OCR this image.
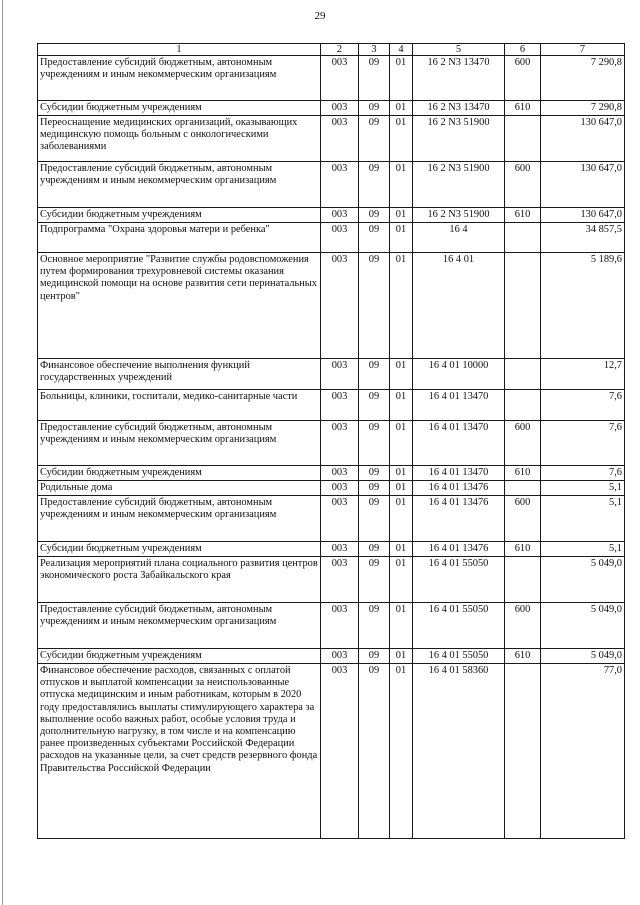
29
1	2	3	4	5	6	7
Предоставление субсидий бюджетным, автономным учреждениям и иным некоммерческим организациям	003	09	01	16 2 N3 13470	600	7 290,8
Субсидии бюджетным учреждениям	003	09	01	16 2 N3 13470	610	7 290,8
Переоснащение медицинских организаций, оказывающих медицинскую помощь больным с онкологическими заболеваниями	003	09	01	16 2 N3 51900		130 647,0
Предоставление субсидий бюджетным, автономным учреждениям и иным некоммерческим организациям	003	09	01	16 2 N3 51900	600	130 647,0
Субсидии бюджетным учреждениям	003	09	01	16 2 N3 51900	610	130 647,0
Подпрограмма "Охрана здоровья матери и ребенка"	003	09	01	16 4		34 857,5
Основное мероприятие "Развитие службы родовспоможения путем формирования трехуровневой системы оказания медицинской помощи на основе развития сети перинатальных центров"	003	09	01	16 4 01		5 189,6
Финансовое обеспечение выполнения функций государственных учреждений	003	09	01	16 4 01 10000		12,7
Больницы, клиники, госпитали, медико-санитарные части	003	09	01	16 4 01 13470		7,6
Предоставление субсидий бюджетным, автономным учреждениям и иным некоммерческим организациям	003	09	01	16 4 01 13470	600	7,6
Субсидии бюджетным учреждениям	003	09	01	16 4 01 13470	610	7,6
Родильные дома	003	09	01	16 4 01 13476		5,1
Предоставление субсидий бюджетным, автономным учреждениям и иным некоммерческим организациям	003	09	01	16 4 01 13476	600	5,1
Субсидии бюджетным учреждениям	003	09	01	16 4 01 13476	610	5,1
Реализация мероприятий плана социального развития центров экономического роста Забайкальского края	003	09	01	16 4 01 55050		5 049,0
Предоставление субсидий бюджетным, автономным учреждениям и иным некоммерческим организациям	003	09	01	16 4 01 55050	600	5 049,0
Субсидии бюджетным учреждениям	003	09	01	16 4 01 55050	610	5 049,0
Финансовое обеспечение расходов, связанных с оплатой отпусков и выплатой компенсации за неиспользованные отпуска медицинским и иным работникам, которым в 2020 году предоставлялись выплаты стимулирующего характера за выполнение особо важных работ, особые условия труда и дополнительную нагрузку, в том числе и на компенсацию ранее произведенных субъектами Российской Федерации расходов на указанные цели, за счет средств резервного фонда Правительства Российской Федерации	003	09	01	16 4 01 58360		77,0
